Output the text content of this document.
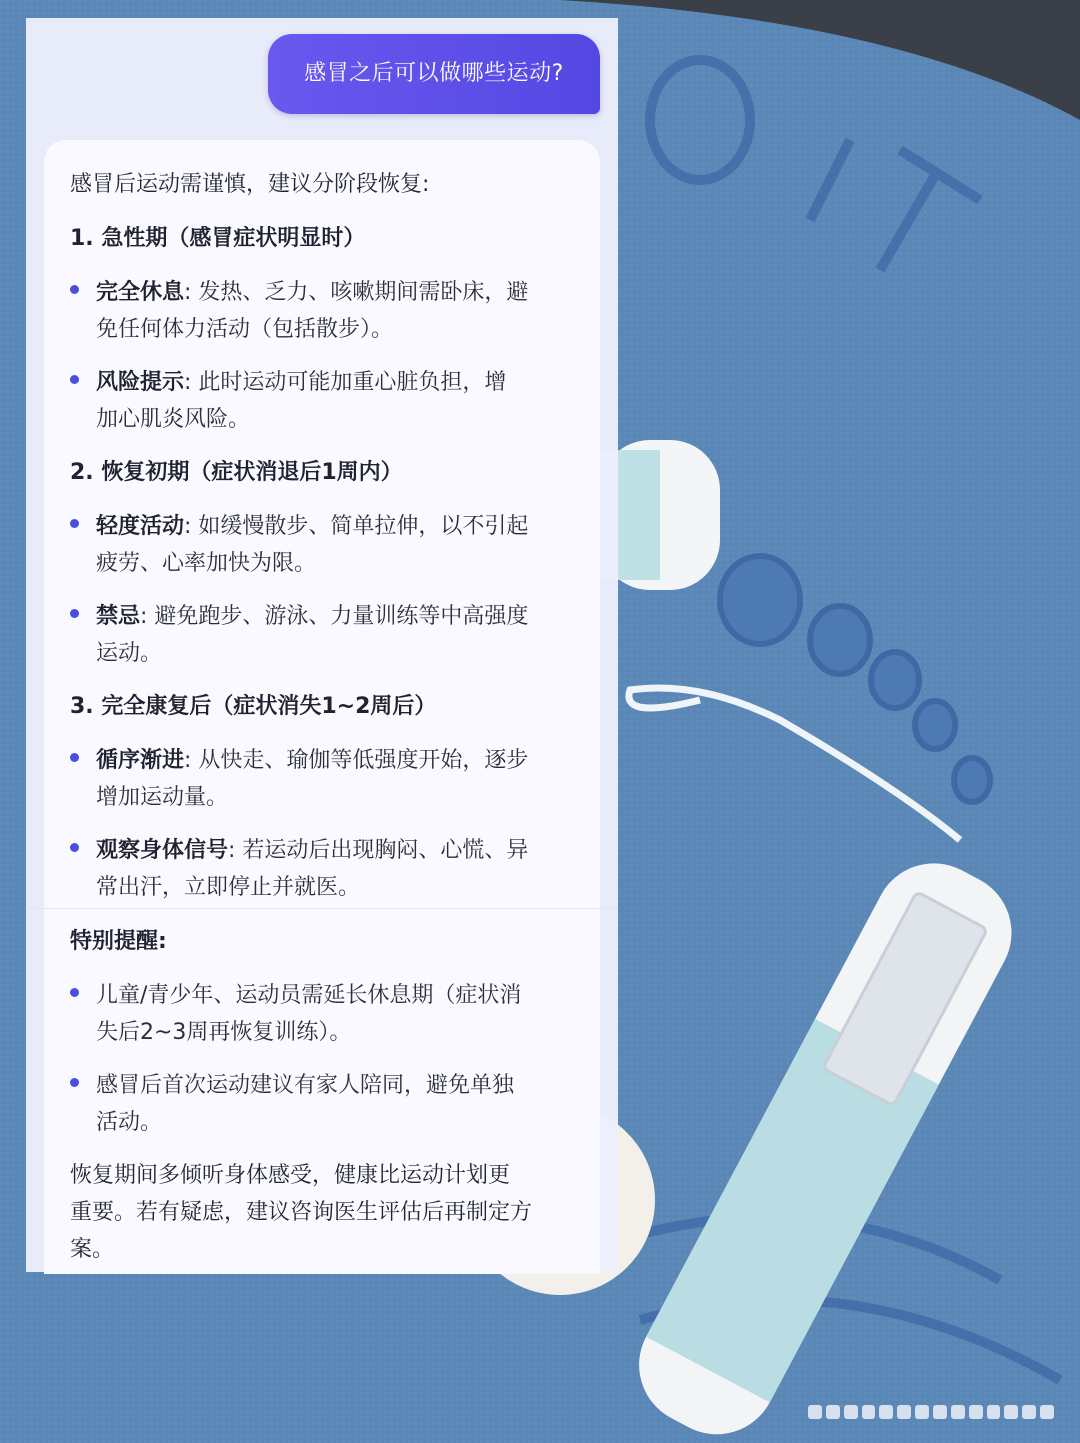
感冒之后可以做哪些运动?
感冒后运动需谨慎，建议分阶段恢复:
1. 急性期（感冒症状明显时）
完全休息: 发热、乏力、咳嗽期间需卧床，避
免任何体力活动（包括散步）。
风险提示: 此时运动可能加重心脏负担，增
加心肌炎风险。
2. 恢复初期（症状消退后1周内）
轻度活动: 如缓慢散步、简单拉伸，以不引起
疲劳、心率加快为限。
禁忌: 避免跑步、游泳、力量训练等中高强度
运动。
3. 完全康复后（症状消失1~2周后）
循序渐进: 从快走、瑜伽等低强度开始，逐步
增加运动量。
观察身体信号: 若运动后出现胸闷、心慌、异
常出汗，立即停止并就医。
特别提醒:
儿童/青少年、运动员需延长休息期（症状消
失后2~3周再恢复训练）。
感冒后首次运动建议有家人陪同，避免单独
活动。
恢复期间多倾听身体感受，健康比运动计划更
重要。若有疑虑，建议咨询医生评估后再制定方
案。
